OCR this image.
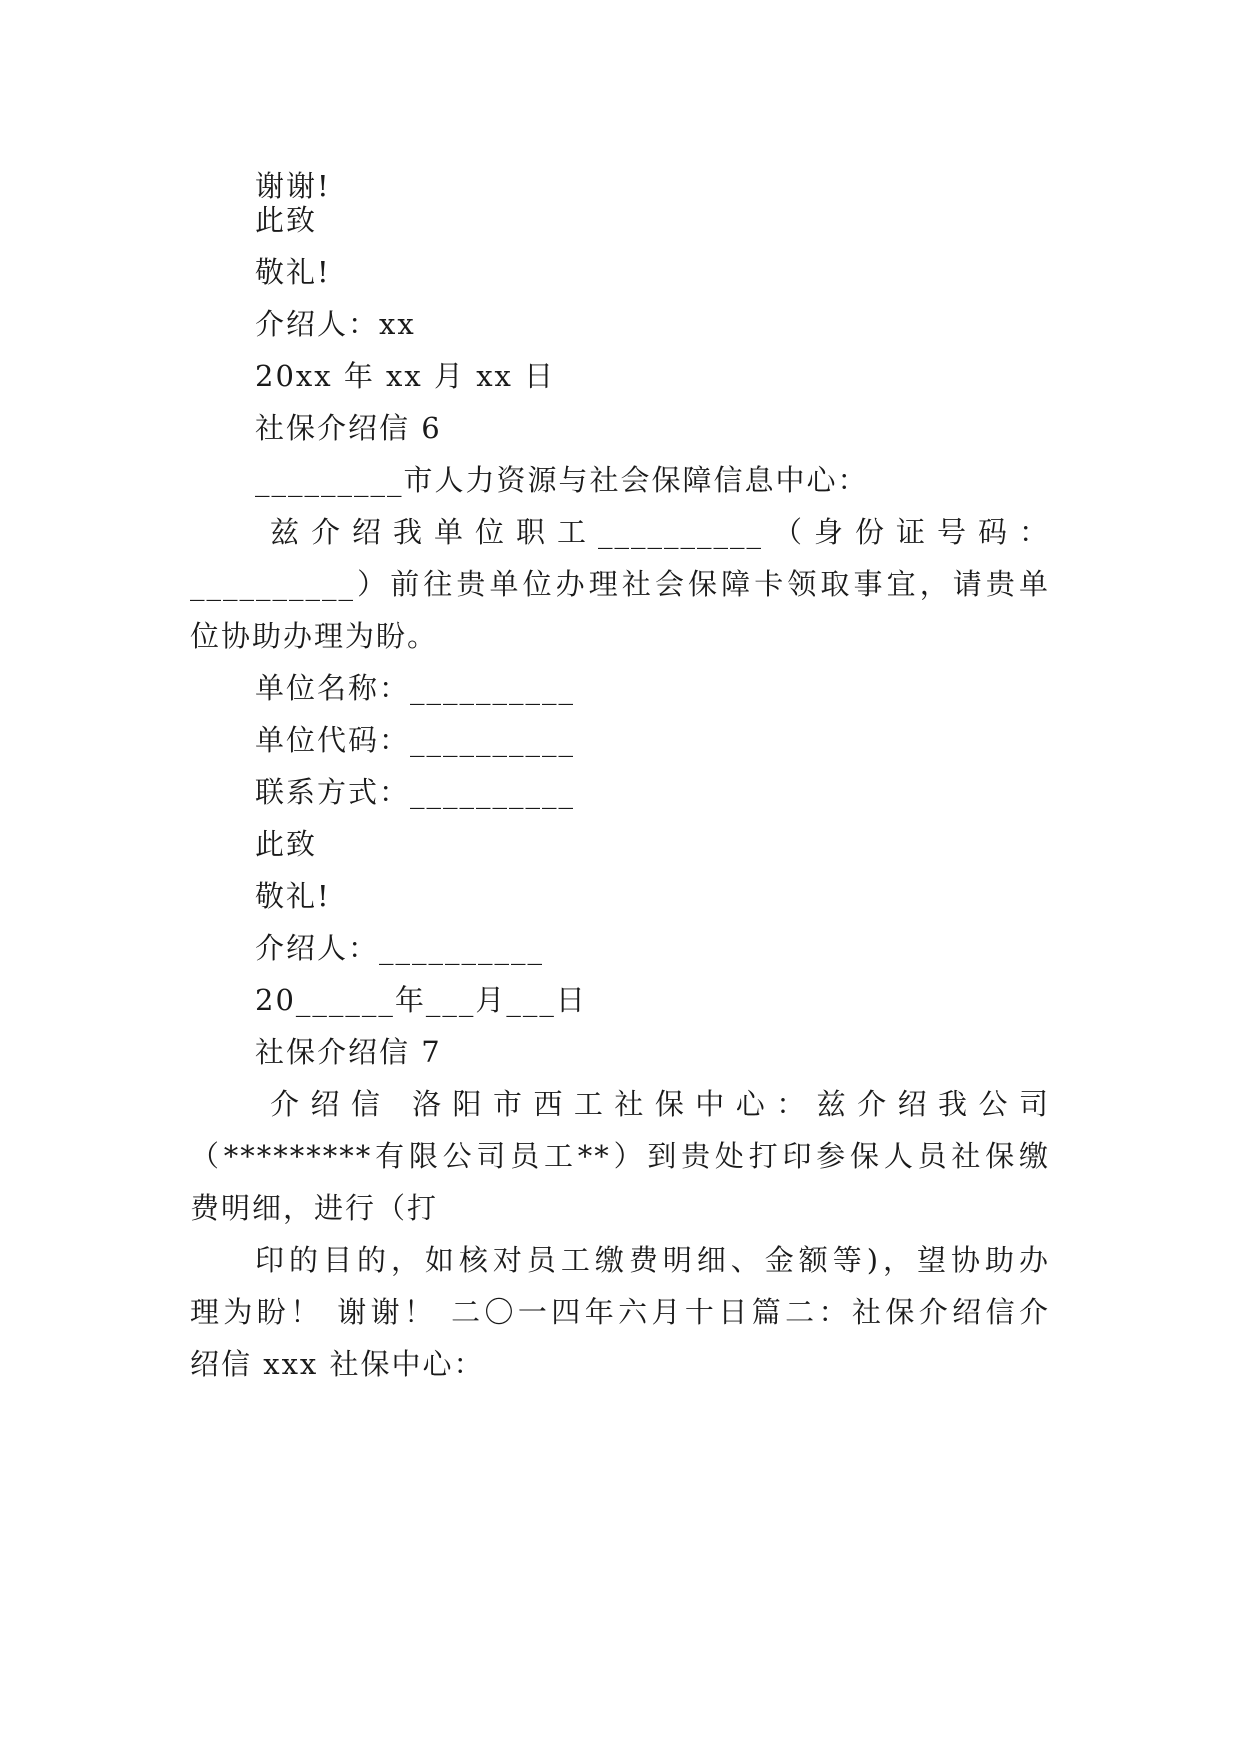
谢谢!
此致
敬礼!
介绍人：xx
20xx 年 xx 月 xx 日
社保介绍信 6
_________市人力资源与社会保障信息中心：
兹介绍我单位职工__________（身份证号码：
__________）前往贵单位办理社会保障卡领取事宜，请贵单
位协助办理为盼。
单位名称：__________
单位代码：__________
联系方式：__________
此致
敬礼!
介绍人：__________
20______年___月___日
社保介绍信 7
介绍信 洛阳市西工社保中心：兹介绍我公司
（*********有限公司员工**）到贵处打印参保人员社保缴
费明细，进行（打
印的目的，如核对员工缴费明细、金额等)，望协助办
理为盼！ 谢谢！ 二〇一四年六月十日篇二：社保介绍信介
绍信 xxx 社保中心：
